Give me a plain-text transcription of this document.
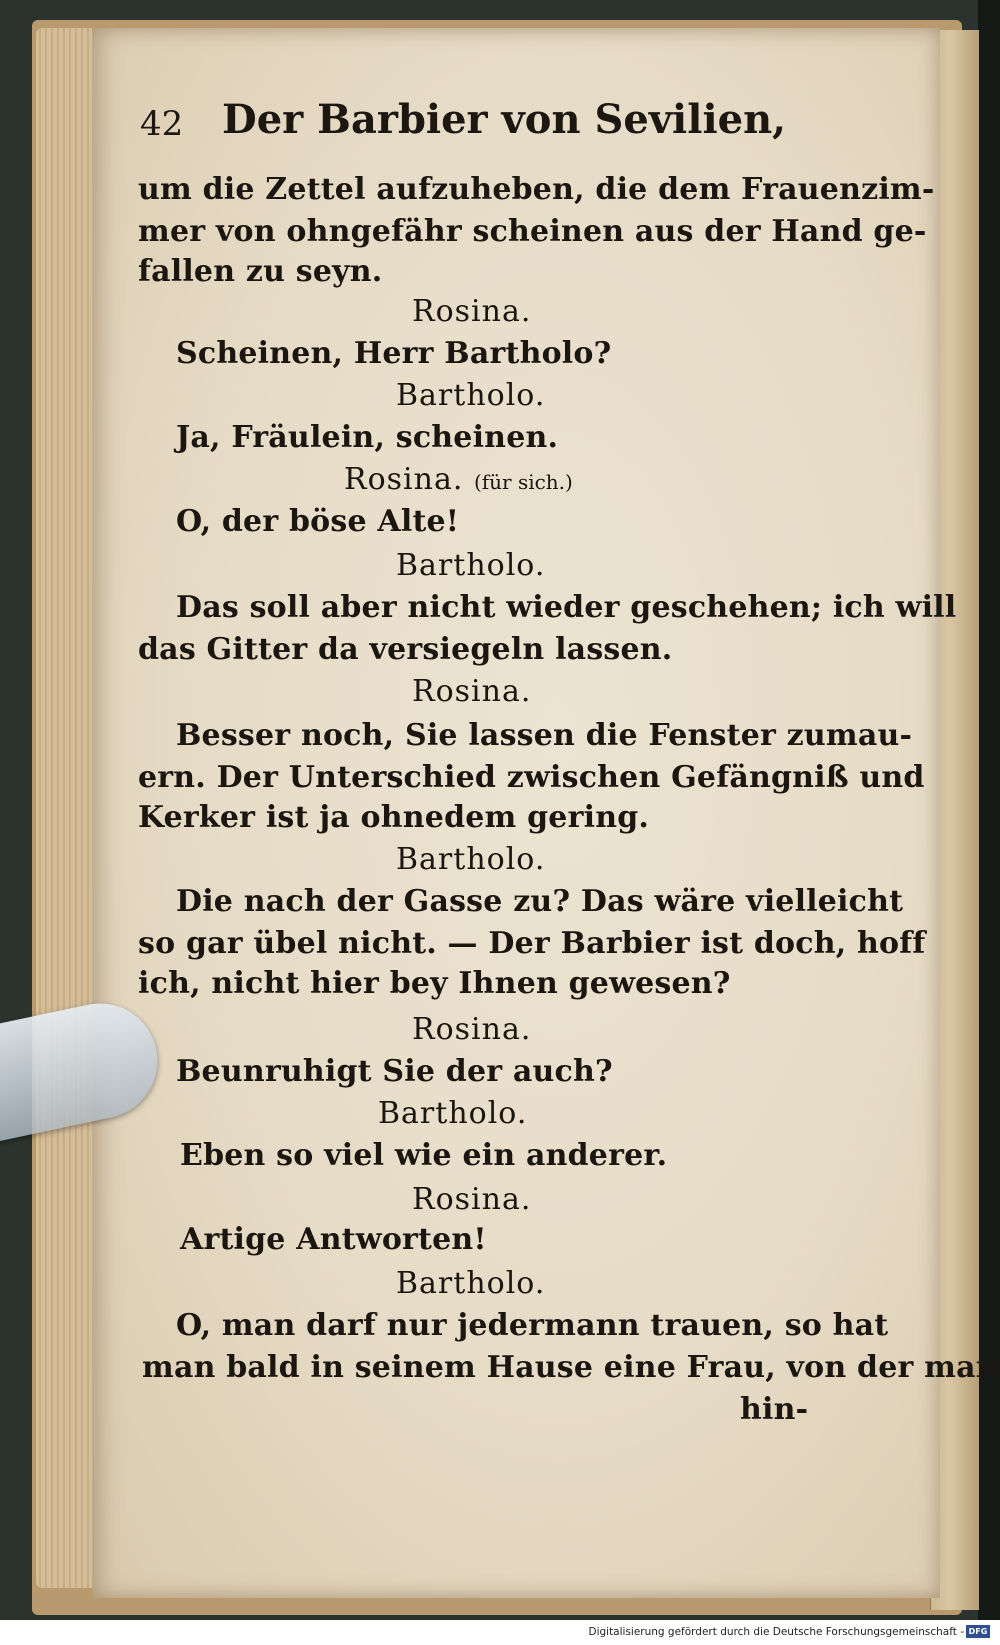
42 Der Barbier von Sevilien,
um die Zettel aufzuheben, die dem Frauenzim-
mer von ohngefähr scheinen aus der Hand ge-
fallen zu seyn.
Rosina.
Scheinen, Herr Bartholo?
Bartholo.
Ja, Fräulein, scheinen.
Rosina. (für sich.)
O, der böse Alte!
Bartholo.
Das soll aber nicht wieder geschehen; ich will
das Gitter da versiegeln lassen.
Rosina.
Besser noch, Sie lassen die Fenster zumau-
ern. Der Unterschied zwischen Gefängniß und
Kerker ist ja ohnedem gering.
Bartholo.
Die nach der Gasse zu? Das wäre vielleicht
so gar übel nicht. — Der Barbier ist doch, hoff
ich, nicht hier bey Ihnen gewesen?
Rosina.
Beunruhigt Sie der auch?
Bartholo.
Eben so viel wie ein anderer.
Rosina.
Artige Antworten!
Bartholo.
O, man darf nur jedermann trauen, so hat
man bald in seinem Hause eine Frau, von der man
hin-
Digitalisierung gefördert durch die Deutsche Forschungsgemeinschaft - DFG
